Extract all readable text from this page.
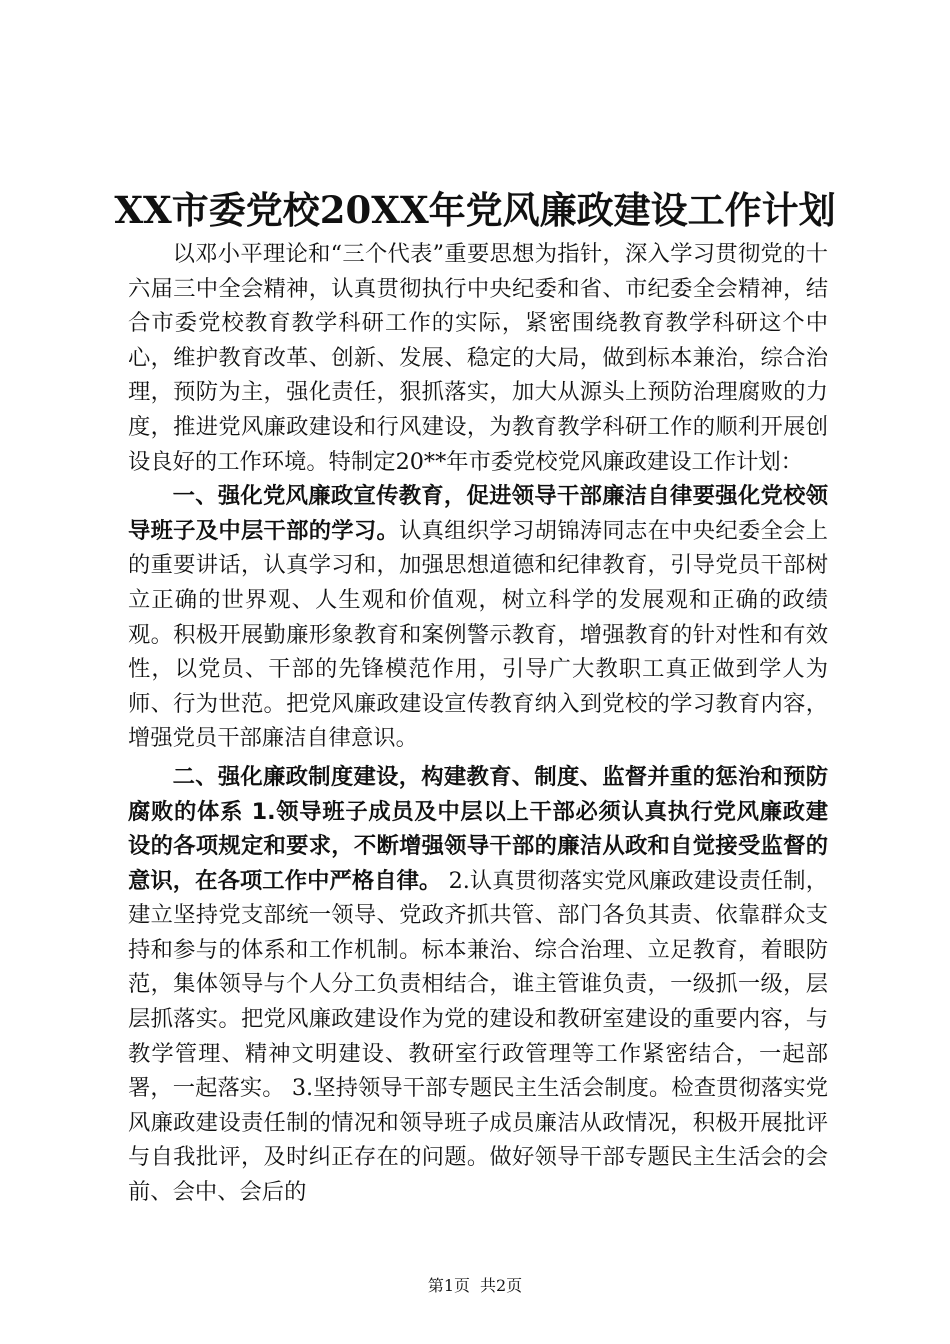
XX市委党校20XX年党风廉政建设工作计划

以邓小平理论和“三个代表”重要思想为指针，深入学习贯彻党的十六届三中全会精神，认真贯彻执行中央纪委和省、市纪委全会精神，结合市委党校教育教学科研工作的实际，紧密围绕教育教学科研这个中心，维护教育改革、创新、发展、稳定的大局，做到标本兼治，综合治理，预防为主，强化责任，狠抓落实，加大从源头上预防治理腐败的力度，推进党风廉政建设和行风建设，为教育教学科研工作的顺利开展创设良好的工作环境。特制定20**年市委党校党风廉政建设工作计划：

一、强化党风廉政宣传教育，促进领导干部廉洁自律要强化党校领导班子及中层干部的学习。认真组织学习胡锦涛同志在中央纪委全会上的重要讲话，认真学习和，加强思想道德和纪律教育，引导党员干部树立正确的世界观、人生观和价值观，树立科学的发展观和正确的政绩观。积极开展勤廉形象教育和案例警示教育，增强教育的针对性和有效性，以党员、干部的先锋模范作用，引导广大教职工真正做到学人为师、行为世范。把党风廉政建设宣传教育纳入到党校的学习教育内容，增强党员干部廉洁自律意识。

二、强化廉政制度建设，构建教育、制度、监督并重的惩治和预防腐败的体系 1.领导班子成员及中层以上干部必须认真执行党风廉政建设的各项规定和要求，不断增强领导干部的廉洁从政和自觉接受监督的意识，在各项工作中严格自律。 2.认真贯彻落实党风廉政建设责任制，建立坚持党支部统一领导、党政齐抓共管、部门各负其责、依靠群众支持和参与的体系和工作机制。标本兼治、综合治理、立足教育，着眼防范，集体领导与个人分工负责相结合，谁主管谁负责，一级抓一级，层层抓落实。把党风廉政建设作为党的建设和教研室建设的重要内容，与教学管理、精神文明建设、教研室行政管理等工作紧密结合，一起部署，一起落实。 3.坚持领导干部专题民主生活会制度。检查贯彻落实党风廉政建设责任制的情况和领导班子成员廉洁从政情况，积极开展批评与自我批评，及时纠正存在的问题。做好领导干部专题民主生活会的会前、会中、会后的

第1页 共2页
